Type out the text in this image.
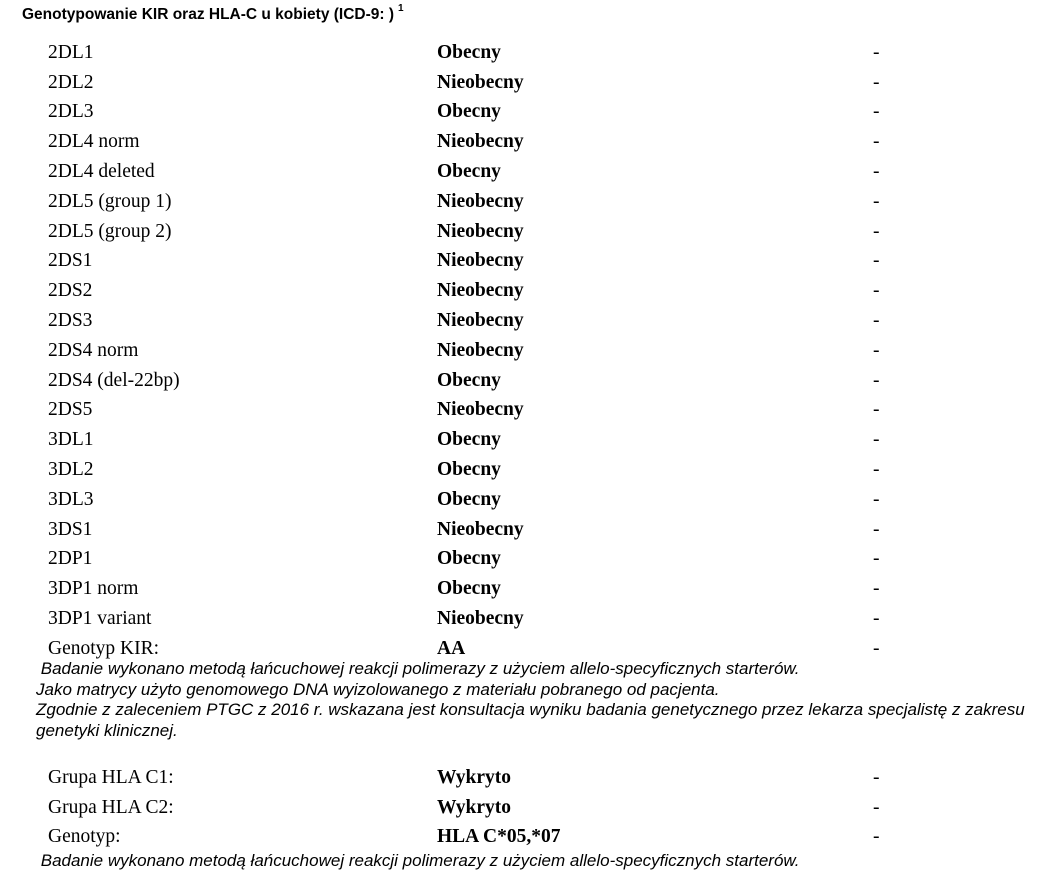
Genotypowanie KIR oraz HLA-C u kobiety (ICD-9: ) $^1$
2DL1	Obecny	-
2DL2	Nieobecny	-
2DL3	Obecny	-
2DL4 norm	Nieobecny	-
2DL4 deleted	Obecny	-
2DL5 (group 1)	Nieobecny	-
2DL5 (group 2)	Nieobecny	-
2DS1	Nieobecny	-
2DS2	Nieobecny	-
2DS3	Nieobecny	-
2DS4 norm	Nieobecny	-
2DS4 (del-22bp)	Obecny	-
2DS5	Nieobecny	-
3DL1	Obecny	-
3DL2	Obecny	-
3DL3	Obecny	-
3DS1	Nieobecny	-
2DP1	Obecny	-
3DP1 norm	Obecny	-
3DP1 variant	Nieobecny	-
Genotyp KIR:	AA	-
Badanie wykonano metodą łańcuchowej reakcji polimerazy z użyciem allelo-specyficznych starterów.
Jako matrycy użyto genomowego DNA wyizolowanego z materiału pobranego od pacjenta.
Zgodnie z zaleceniem PTGC z 2016 r. wskazana jest konsultacja wyniku badania genetycznego przez lekarza specjalistę z zakresu genetyki klinicznej.
Grupa HLA C1:	Wykryto	-
Grupa HLA C2:	Wykryto	-
Genotyp:	HLA C*05,*07	-
Badanie wykonano metodą łańcuchowej reakcji polimerazy z użyciem allelo-specyficznych starterów.
